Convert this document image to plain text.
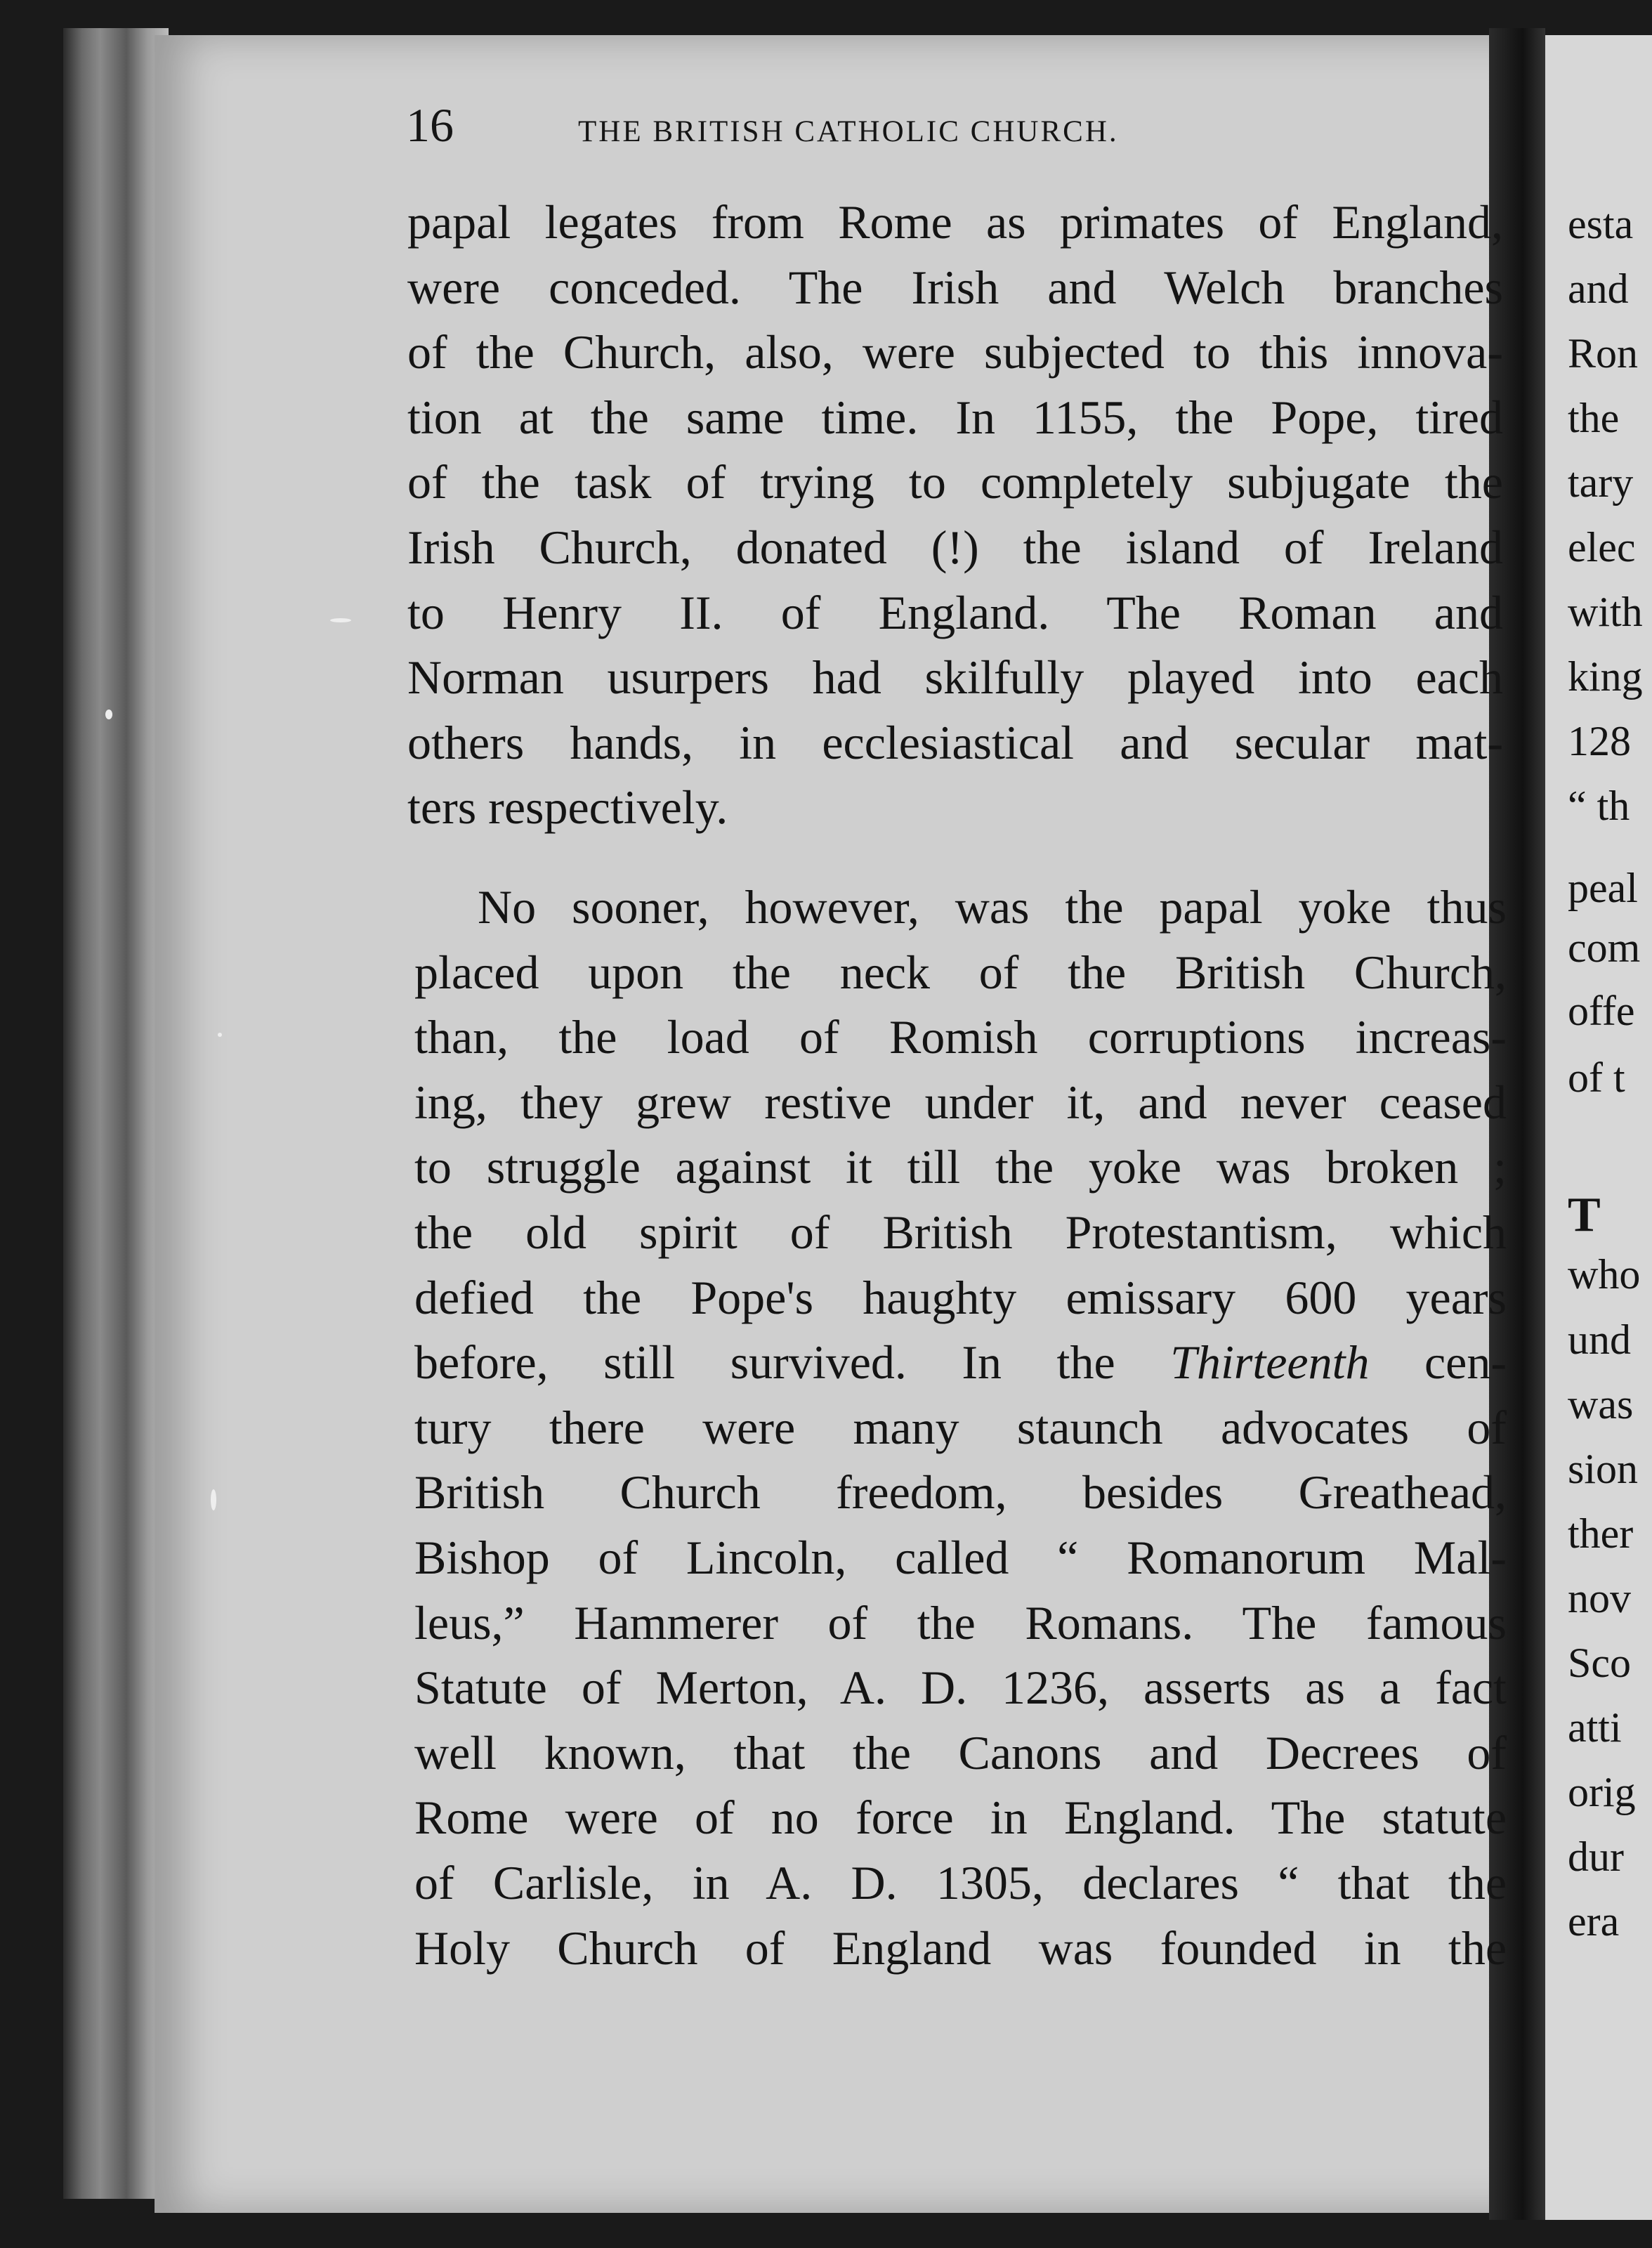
16	THE BRITISH CATHOLIC CHURCH.
papal legates from Rome as primates of England,
were conceded. The Irish and Welch branches
of the Church, also, were subjected to this innova-
tion at the same time. In 1155, the Pope, tired
of the task of trying to completely subjugate the
Irish Church, donated (!) the island of Ireland
to Henry II. of England. The Roman and
Norman usurpers had skilfully played into each
others hands, in ecclesiastical and secular mat-
ters respectively.
No sooner, however, was the papal yoke thus
placed upon the neck of the British Church,
than, the load of Romish corruptions increas-
ing, they grew restive under it, and never ceased
to struggle against it till the yoke was broken ;
the old spirit of British Protestantism, which
defied the Pope's haughty emissary 600 years
before, still survived. In the Thirteenth cen-
tury there were many staunch advocates of
British Church freedom, besides Greathead,
Bishop of Lincoln, called “ Romanorum Mal-
leus,” Hammerer of the Romans. The famous
Statute of Merton, A. D. 1236, asserts as a fact
well known, that the Canons and Decrees of
Rome were of no force in England. The statute
of Carlisle, in A. D. 1305, declares “ that the
Holy Church of England was founded in the
esta
and
Ron
the
tary
elec
with
king
128
“ th
peal
com
offe
of t
T
who
und
was
sion
ther
nov
Sco
atti
orig
dur
era
